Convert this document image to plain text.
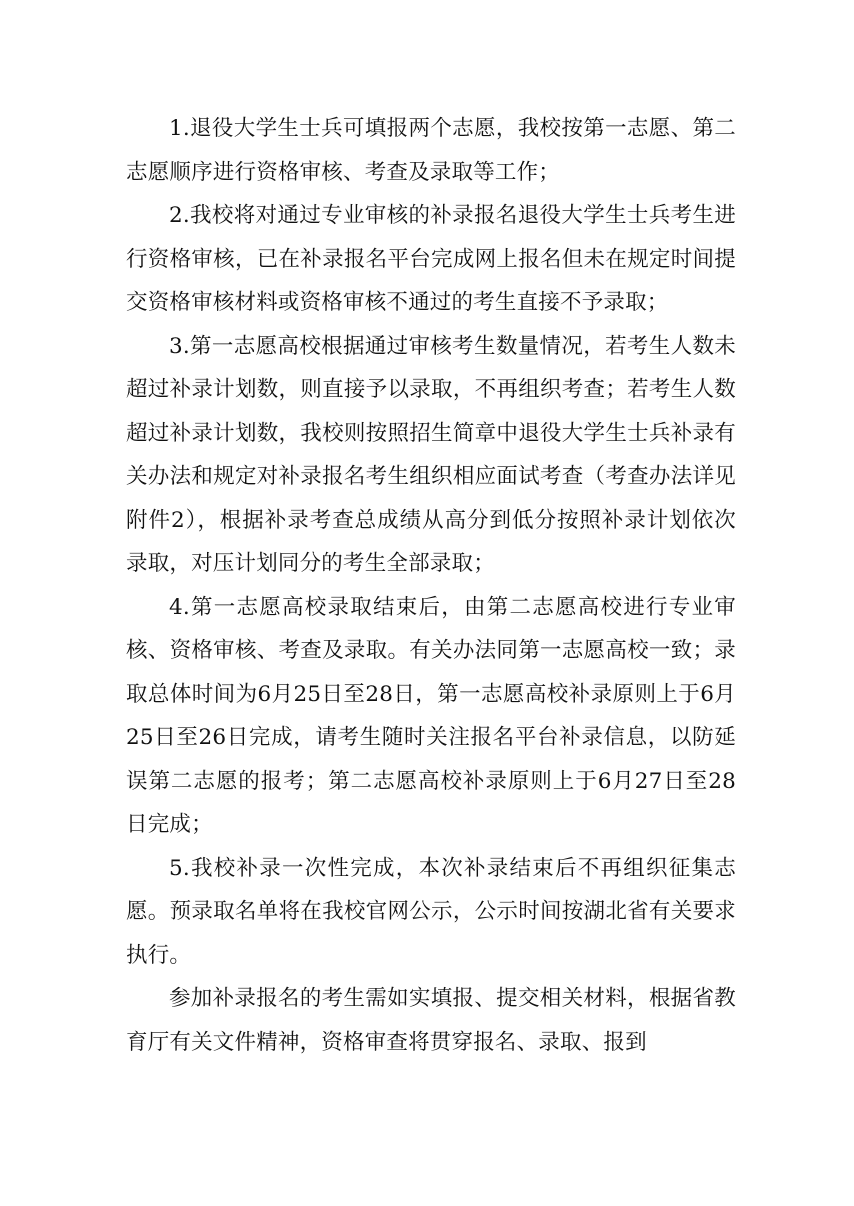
1.退役大学生士兵可填报两个志愿，我校按第一志愿、第二志愿顺序进行资格审核、考查及录取等工作；

2.我校将对通过专业审核的补录报名退役大学生士兵考生进行资格审核，已在补录报名平台完成网上报名但未在规定时间提交资格审核材料或资格审核不通过的考生直接不予录取；

3.第一志愿高校根据通过审核考生数量情况，若考生人数未超过补录计划数，则直接予以录取，不再组织考查；若考生人数超过补录计划数，我校则按照招生简章中退役大学生士兵补录有关办法和规定对补录报名考生组织相应面试考查（考查办法详见附件2），根据补录考查总成绩从高分到低分按照补录计划依次录取，对压计划同分的考生全部录取；

4.第一志愿高校录取结束后，由第二志愿高校进行专业审核、资格审核、考查及录取。有关办法同第一志愿高校一致；录取总体时间为6月25日至28日，第一志愿高校补录原则上于6月25日至26日完成，请考生随时关注报名平台补录信息，以防延误第二志愿的报考；第二志愿高校补录原则上于6月27日至28日完成；

5.我校补录一次性完成，本次补录结束后不再组织征集志愿。预录取名单将在我校官网公示，公示时间按湖北省有关要求执行。

参加补录报名的考生需如实填报、提交相关材料，根据省教育厅有关文件精神，资格审查将贯穿报名、录取、报到
